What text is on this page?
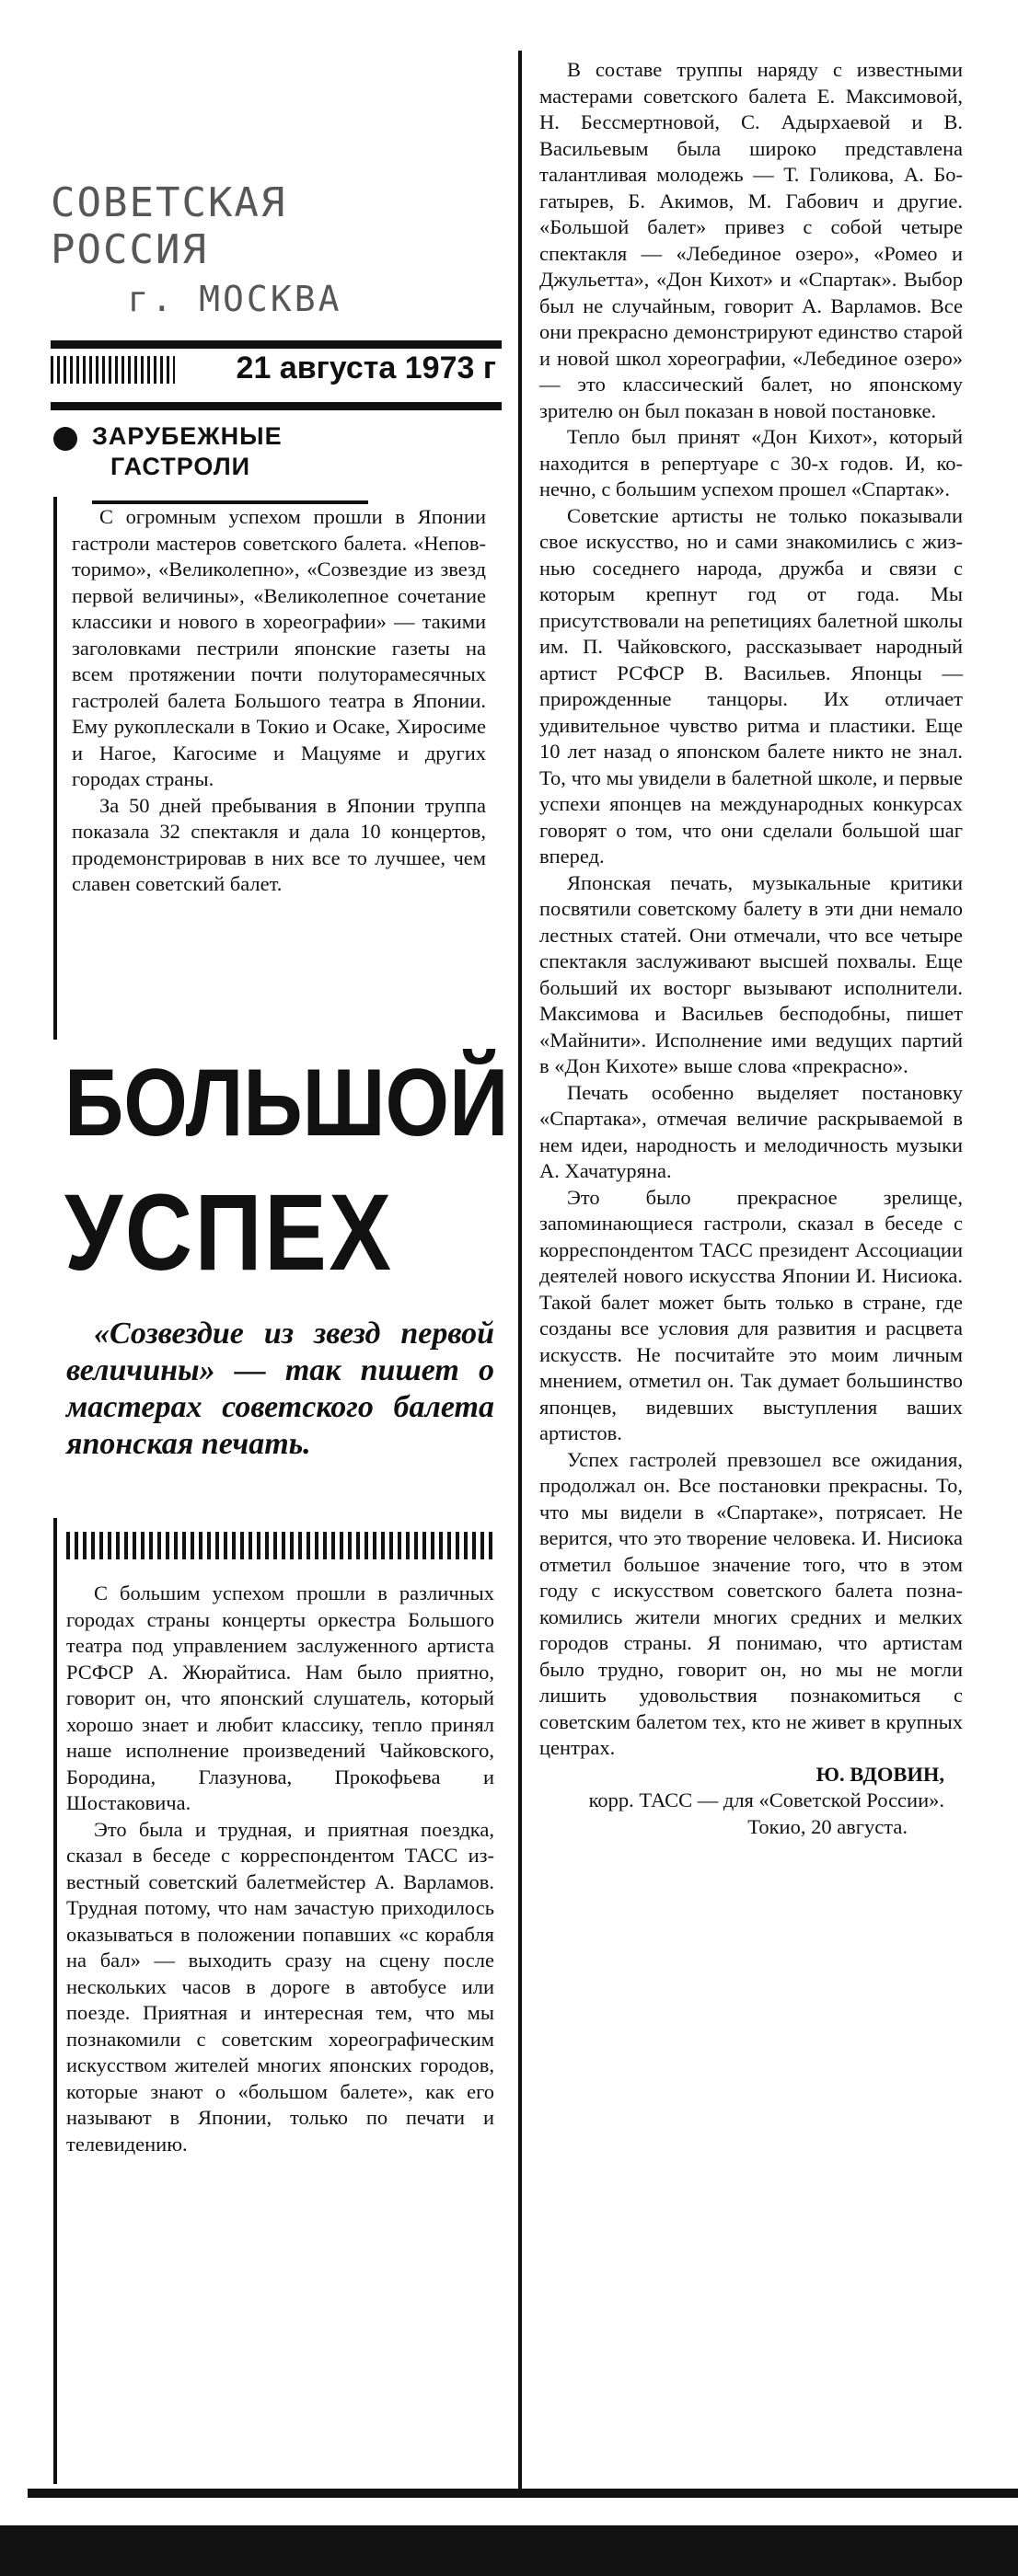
СОВЕТСКАЯ РОССИЯ
г. МОСКВА
21 августа 1973 г
ЗАРУБЕЖНЫЕ
ГАСТРОЛИ

С огромным успехом прошли в Японии гастроли мастеров советского балета. «Неповторимо», «Великолепно», «Созвездие из звезд первой величины», «Великолепное сочетание классики и нового в хореографии» — такими заголовками пестрили японские газеты на всем протяжении почти полуторамесячных гастролей балета Большого театра в Японии. Ему рукоплескали в Токио и Осаке, Хиросиме и Нагое, Кагосиме и Мацуяме и других городах страны.

За 50 дней пребывания в Японии труппа показала 32 спектакля и дала 10 концертов, продемонстрировав в них все то лучшее, чем славен советский балет.

БОЛЬШОЙ
УСПЕХ
«Созвездие из звезд первой величины» — так пишет о мастерах советского балета японская печать.

С большим успехом прошли в различных городах страны концерты оркестра Большого театра под управлением заслуженного артиста РСФСР А. Жюрайтиса. Нам было приятно, говорит он, что японский слушатель, который хорошо знает и любит классику, тепло принял наше исполнение произведений Чайковского, Бородина, Глазунова, Прокофьева и Шостаковича.

Это была и трудная, и приятная поездка, сказал в беседе с корреспондентом ТАСС известный советский балетмейстер А. Варламов. Трудная потому, что нам зачастую приходилось оказываться в положении попавших «с корабля на бал» — выходить сразу на сцену после нескольких часов в дороге в автобусе или поезде. Приятная и интересная тем, что мы познакомили с советским хореографическим искусством жителей многих японских городов, которые знают о «большом балете», как его называют в Японии, только по печати и телевидению.

В составе труппы наряду с известными мастерами советского балета Е. Максимовой, Н. Бессмертновой, С. Адырхаевой и В. Васильевым была широко представлена талантливая молодежь — Т. Голикова, А. Богатырев, Б. Акимов, М. Габович и другие. «Большой балет» привез с собой четыре спектакля — «Лебединое озеро», «Ромео и Джульетта», «Дон Кихот» и «Спартак». Выбор был не случайным, говорит А. Варламов. Все они прекрасно демонстрируют единство старой и новой школ хореографии, «Лебединое озеро» — это классический балет, но японскому зрителю он был показан в новой постановке.

Тепло был принят «Дон Кихот», который находится в репертуаре с 30-х годов. И, конечно, с большим успехом прошел «Спартак».

Советские артисты не только показывали свое искусство, но и сами знакомились с жизнью соседнего народа, дружба и связи с которым крепнут год от года. Мы присутствовали на репетициях балетной школы им. П. Чайковского, рассказывает народный артист РСФСР В. Васильев. Японцы — прирожденные танцоры. Их отличает удивительное чувство ритма и пластики. Еще 10 лет назад о японском балете никто не знал. То, что мы увидели в балетной школе, и первые успехи японцев на международных конкурсах говорят о том, что они сделали большой шаг вперед.

Японская печать, музыкальные критики посвятили советскому балету в эти дни немало лестных статей. Они отмечали, что все четыре спектакля заслуживают высшей похвалы. Еще больший их восторг вызывают исполнители. Максимова и Васильев бесподобны, пишет «Майнити». Исполнение ими ведущих партий в «Дон Кихоте» выше слова «прекрасно».

Печать особенно выделяет постановку «Спартака», отмечая величие раскрываемой в нем идеи, народность и мелодичность музыки А. Хачатуряна.

Это было прекрасное зрелище, запоминающиеся гастроли, сказал в беседе с корреспондентом ТАСС президент Ассоциации деятелей нового искусства Японии И. Нисиока. Такой балет может быть только в стране, где созданы все условия для развития и расцвета искусств. Не посчитайте это моим личным мнением, отметил он. Так думает большинство японцев, видевших выступления ваших артистов.

Успех гастролей превзошел все ожидания, продолжал он. Все постановки прекрасны. То, что мы видели в «Спартаке», потрясает. Не верится, что это творение человека. И. Нисиока отметил большое значение того, что в этом году с искусством советского балета познакомились жители многих средних и мелких городов страны. Я понимаю, что артистам было трудно, говорит он, но мы не могли лишить удовольствия познакомиться с советским балетом тех, кто не живет в крупных центрах.

Ю. ВДОВИН,

корр. ТАСС — для «Советской России».

Токио, 20 августа.
